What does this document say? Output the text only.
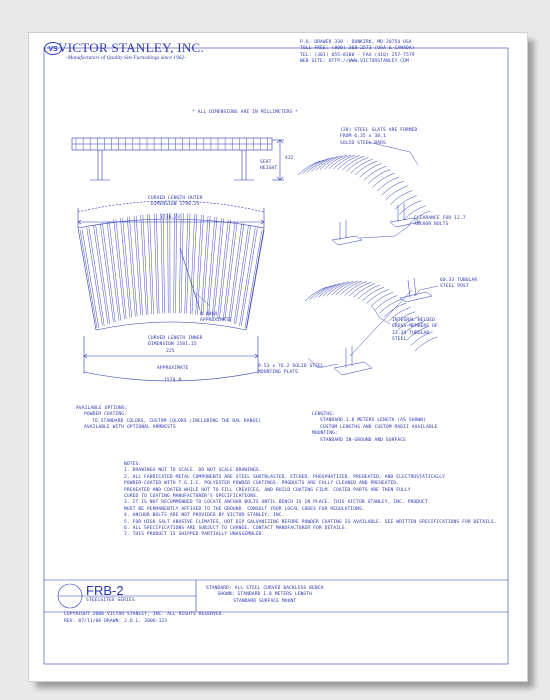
VS VICTOR STANLEY, INC.
-Manufacturers of Quality Site Furnishings since 1962-
P.O. DRAWER 330 - DUNKIRK, MD 20754 USA
TOLL FREE: (800) 368-2573 (USA & CANADA)
TEL: (301) 855-8300 - FAX (410) 257-7579
WEB SITE: HTTP://WWW.VICTORSTANLEY.COM
* ALL DIMENSIONS ARE IN MILLIMETERS *
432
SEAT
HEIGHT
CURVED LENGTH OUTER
DIMENSION 1798.25
1736.73
R 4064
APPROXIMATE
CURVED LENGTH INNER
DIMENSION 1581.15
225
APPROXIMATE
1574.8
(28) STEEL SLATS ARE FORMED
FROM 6.35 x 38.1
SOLID STEEL BARS
CLEARANCE FOR 12.7
ANCHOR BOLTS
60.33 TUBULAR
STEEL POST
INTEGRAL WELDED
CROSS-MEMBERS OF
33.34 TUBULAR
STEEL
9.53 x 76.2 SOLID STEEL
MOUNTING PLATE
AVAILABLE OPTIONS:
POWDER COATING:
TO STANDARD COLORS, CUSTOM COLORS (INCLUDING THE RAL RANGE)
AVAILABLE WITH OPTIONAL ARMRESTS
LENGTHS:
STANDARD 1.8 METERS LENGTH (AS SHOWN)
CUSTOM LENGTHS AND CUSTOM RADII AVAILABLE
MOUNTING:
STANDARD IN-GROUND AND SURFACE
NOTES:
1. DRAWINGS NOT TO SCALE. DO NOT SCALE DRAWINGS.
2. ALL FABRICATED METAL COMPONENTS ARE STEEL SHOTBLASTED, ETCHED, PHOSPHATIZED, PREHEATED, AND ELECTROSTATICALLY
POWDER-COATED WITH T.G.I.C. POLYESTER POWDER COATINGS. PRODUCTS ARE FULLY CLEANED AND PREHEATED.
PREHEATED AND COATED WHILE HOT TO FILL CREVICES, AND BUILD COATING FILM. COATED PARTS ARE THEN FULLY
CURED TO COATING MANUFACTURER'S SPECIFICATIONS.
3. IT IS NOT RECOMMENDED TO LOCATE ANCHOR BOLTS UNTIL BENCH IS IN PLACE. THIS VICTOR STANLEY, INC. PRODUCT
MUST BE PERMANENTLY AFFIXED TO THE GROUND. CONSULT YOUR LOCAL CODES FOR REGULATIONS.
4. ANCHOR BOLTS ARE NOT PROVIDED BY VICTOR STANLEY, INC.
5. FOR HIGH SALT ABUSIVE CLIMATES, HOT DIP GALVANIZING BEFORE POWDER COATING IS AVAILABLE. SEE WRITTEN SPECIFICATIONS FOR DETAILS.
6. ALL SPECIFICATIONS ARE SUBJECT TO CHANGE. CONTACT MANUFACTURER FOR DETAILS.
7. THIS PRODUCT IS SHIPPED PARTIALLY UNASSEMBLED.
FRB-2
STEELSITES SERIES
STANDARD: ALL STEEL CURVED BACKLESS BENCH
SHOWN: STANDARD 1.8 METERS LENGTH
STANDARD SURFACE MOUNT
COPYRIGHT 2006 VICTOR STANLEY, INC. ALL RIGHTS RESERVED.
REV. 07/11/06 DRAWN: J.D.L. 2006-123
